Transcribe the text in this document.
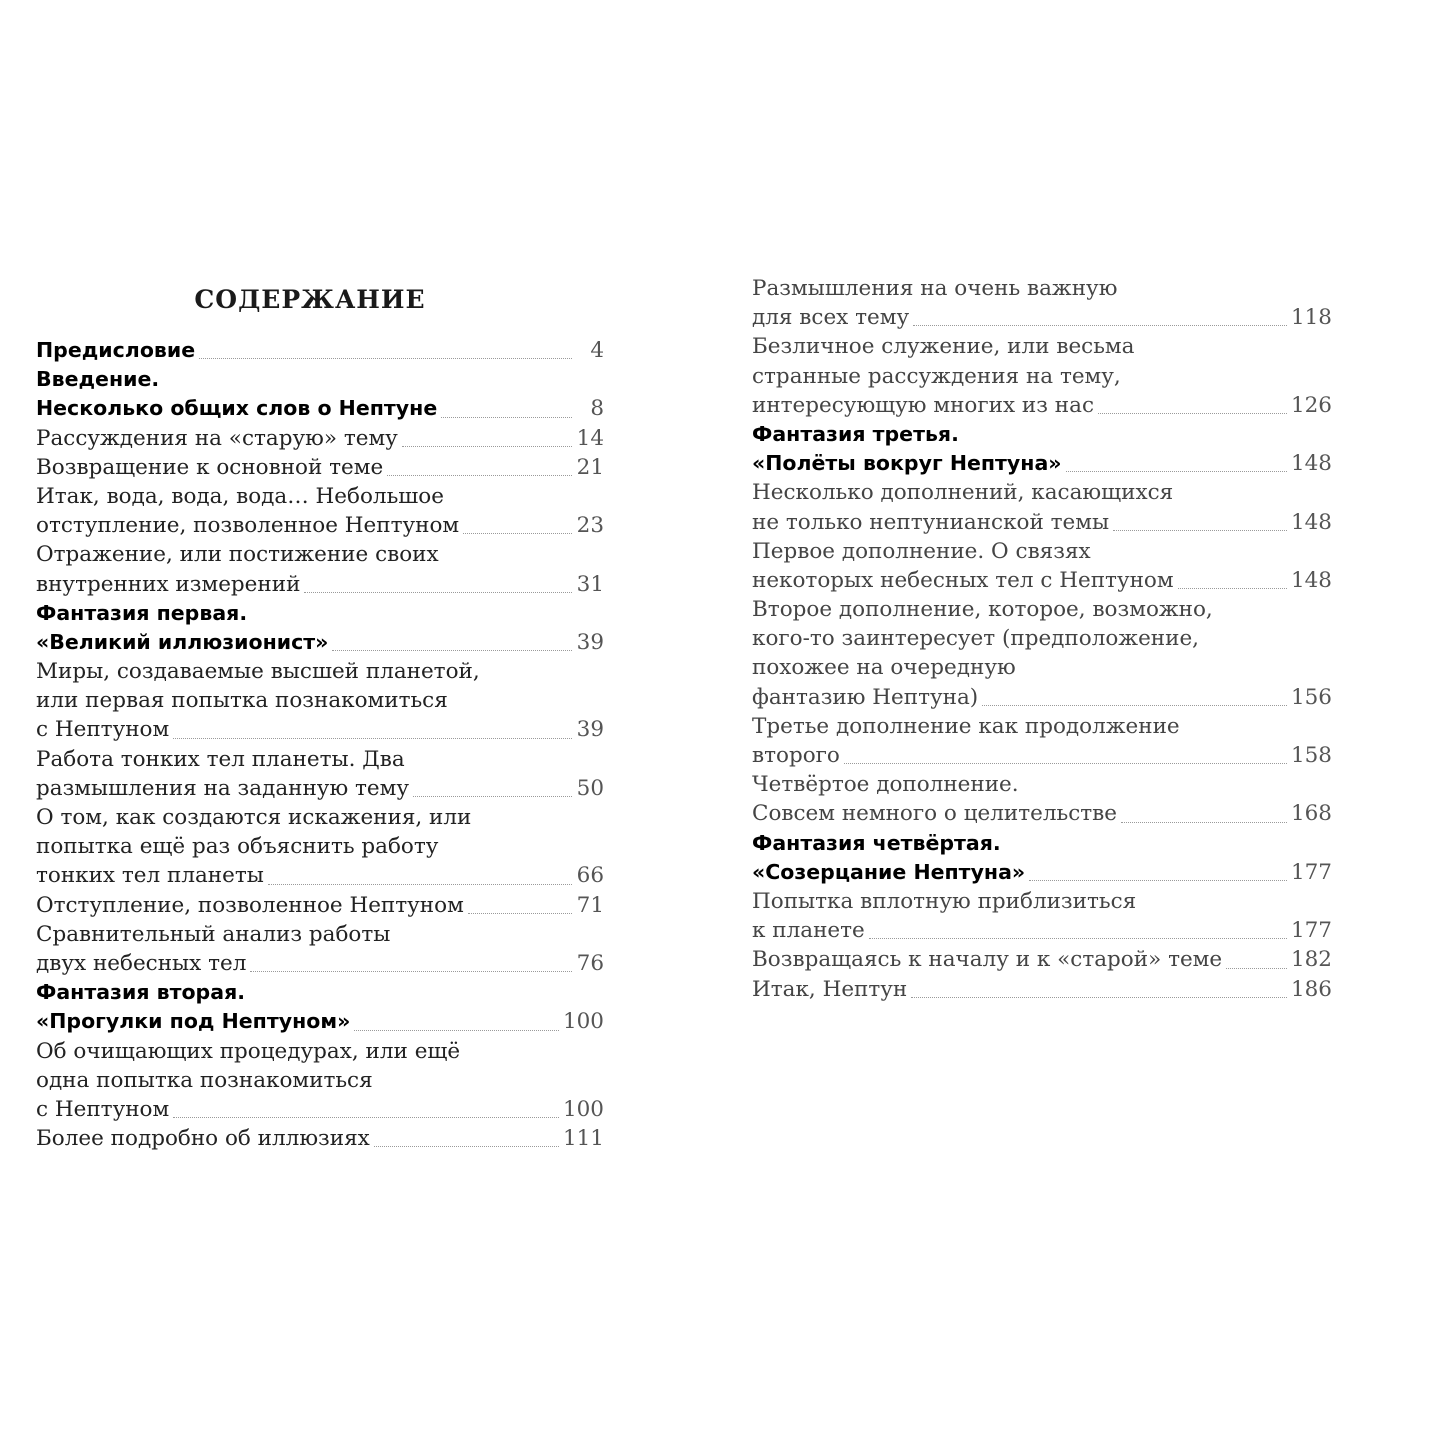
СОДЕРЖАНИЕ
Предисловие	4
Введение.
Несколько общих слов о Нептуне	8
Рассуждения на «старую» тему	14
Возвращение к основной теме	21
Итак, вода, вода, вода… Небольшое
отступление, позволенное Нептуном	23
Отражение, или постижение своих
внутренних измерений	31
Фантазия первая.
«Великий иллюзионист»	39
Миры, создаваемые высшей планетой,
или первая попытка познакомиться
с Нептуном	39
Работа тонких тел планеты. Два
размышления на заданную тему	50
О том, как создаются искажения, или
попытка ещё раз объяснить работу
тонких тел планеты	66
Отступление, позволенное Нептуном	71
Сравнительный анализ работы
двух небесных тел	76
Фантазия вторая.
«Прогулки под Нептуном»	100
Об очищающих процедурах, или ещё
одна попытка познакомиться
с Нептуном	100
Более подробно об иллюзиях	111
Размышления на очень важную
для всех тему	118
Безличное служение, или весьма
странные рассуждения на тему,
интересующую многих из нас	126
Фантазия третья.
«Полёты вокруг Нептуна»	148
Несколько дополнений, касающихся
не только нептунианской темы	148
Первое дополнение. О связях
некоторых небесных тел с Нептуном	148
Второе дополнение, которое, возможно,
кого-то заинтересует (предположение,
похожее на очередную
фантазию Нептуна)	156
Третье дополнение как продолжение
второго	158
Четвёртое дополнение.
Совсем немного о целительстве	168
Фантазия четвёртая.
«Созерцание Нептуна»	177
Попытка вплотную приблизиться
к планете	177
Возвращаясь к началу и к «старой» теме	182
Итак, Нептун	186
